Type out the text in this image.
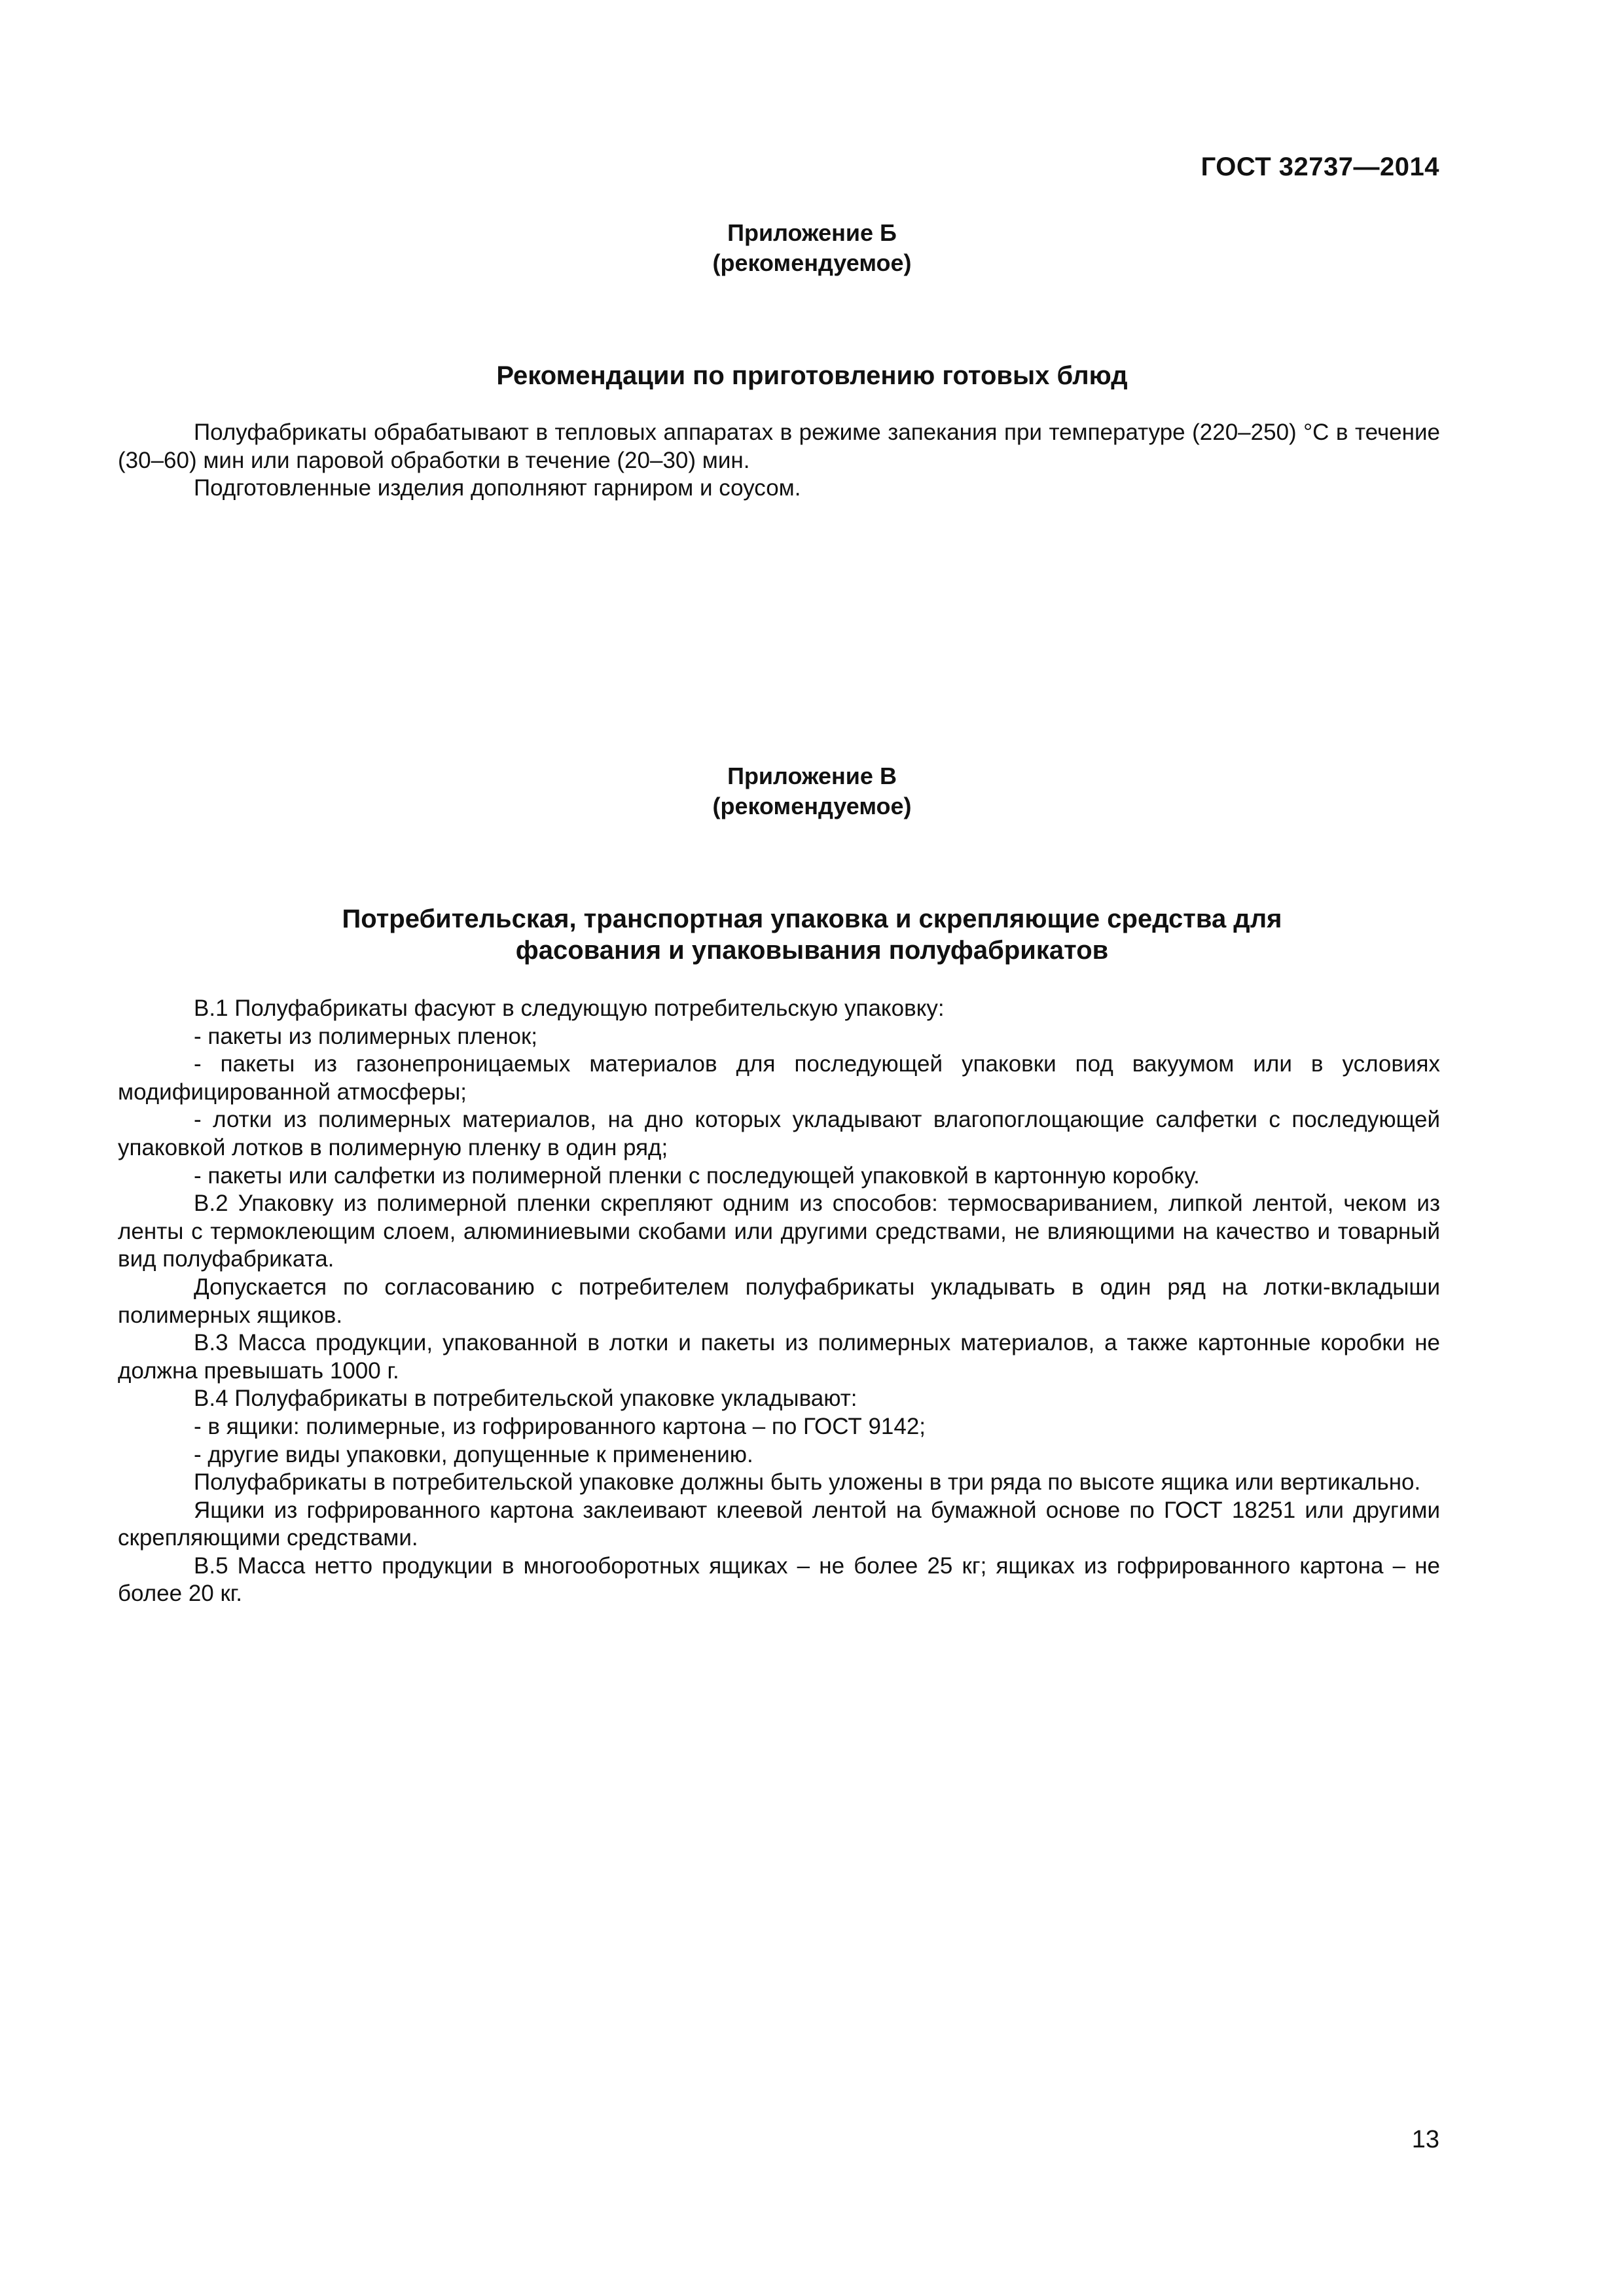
ГОСТ 32737—2014
Приложение Б
(рекомендуемое)
Рекомендации по приготовлению готовых блюд

Полуфабрикаты обрабатывают в тепловых аппаратах в режиме запекания при температуре (220–250) °С в течение (30–60) мин или паровой обработки в течение (20–30) мин.

Подготовленные изделия дополняют гарниром и соусом.

Приложение В
(рекомендуемое)
Потребительская, транспортная упаковка и скрепляющие средства для
фасования и упаковывания полуфабрикатов

В.1 Полуфабрикаты фасуют в следующую потребительскую упаковку:

- пакеты из полимерных пленок;

- пакеты из газонепроницаемых материалов для последующей упаковки под вакуумом или в условиях модифицированной атмосферы;

- лотки из полимерных материалов, на дно которых укладывают влагопоглощающие салфетки с последующей упаковкой лотков в полимерную пленку в один ряд;

- пакеты или салфетки из полимерной пленки с последующей упаковкой в картонную коробку.

В.2 Упаковку из полимерной пленки скрепляют одним из способов: термосвариванием, липкой лентой, чеком из ленты с термоклеющим слоем, алюминиевыми скобами или другими средствами, не влияющими на качество и товарный вид полуфабриката.

Допускается по согласованию с потребителем полуфабрикаты укладывать в один ряд на лотки-вкладыши полимерных ящиков.

В.3 Масса продукции, упакованной в лотки и пакеты из полимерных материалов, а также картонные коробки не должна превышать 1000 г.

В.4 Полуфабрикаты в потребительской упаковке укладывают:

- в ящики: полимерные, из гофрированного картона – по ГОСТ 9142;

- другие виды упаковки, допущенные к применению.

Полуфабрикаты в потребительской упаковке должны быть уложены в три ряда по высоте ящика или вертикально.

Ящики из гофрированного картона заклеивают клеевой лентой на бумажной основе по ГОСТ 18251 или другими скрепляющими средствами.

В.5 Масса нетто продукции в многооборотных ящиках – не более 25 кг; ящиках из гофрированного картона – не более 20 кг.

13
